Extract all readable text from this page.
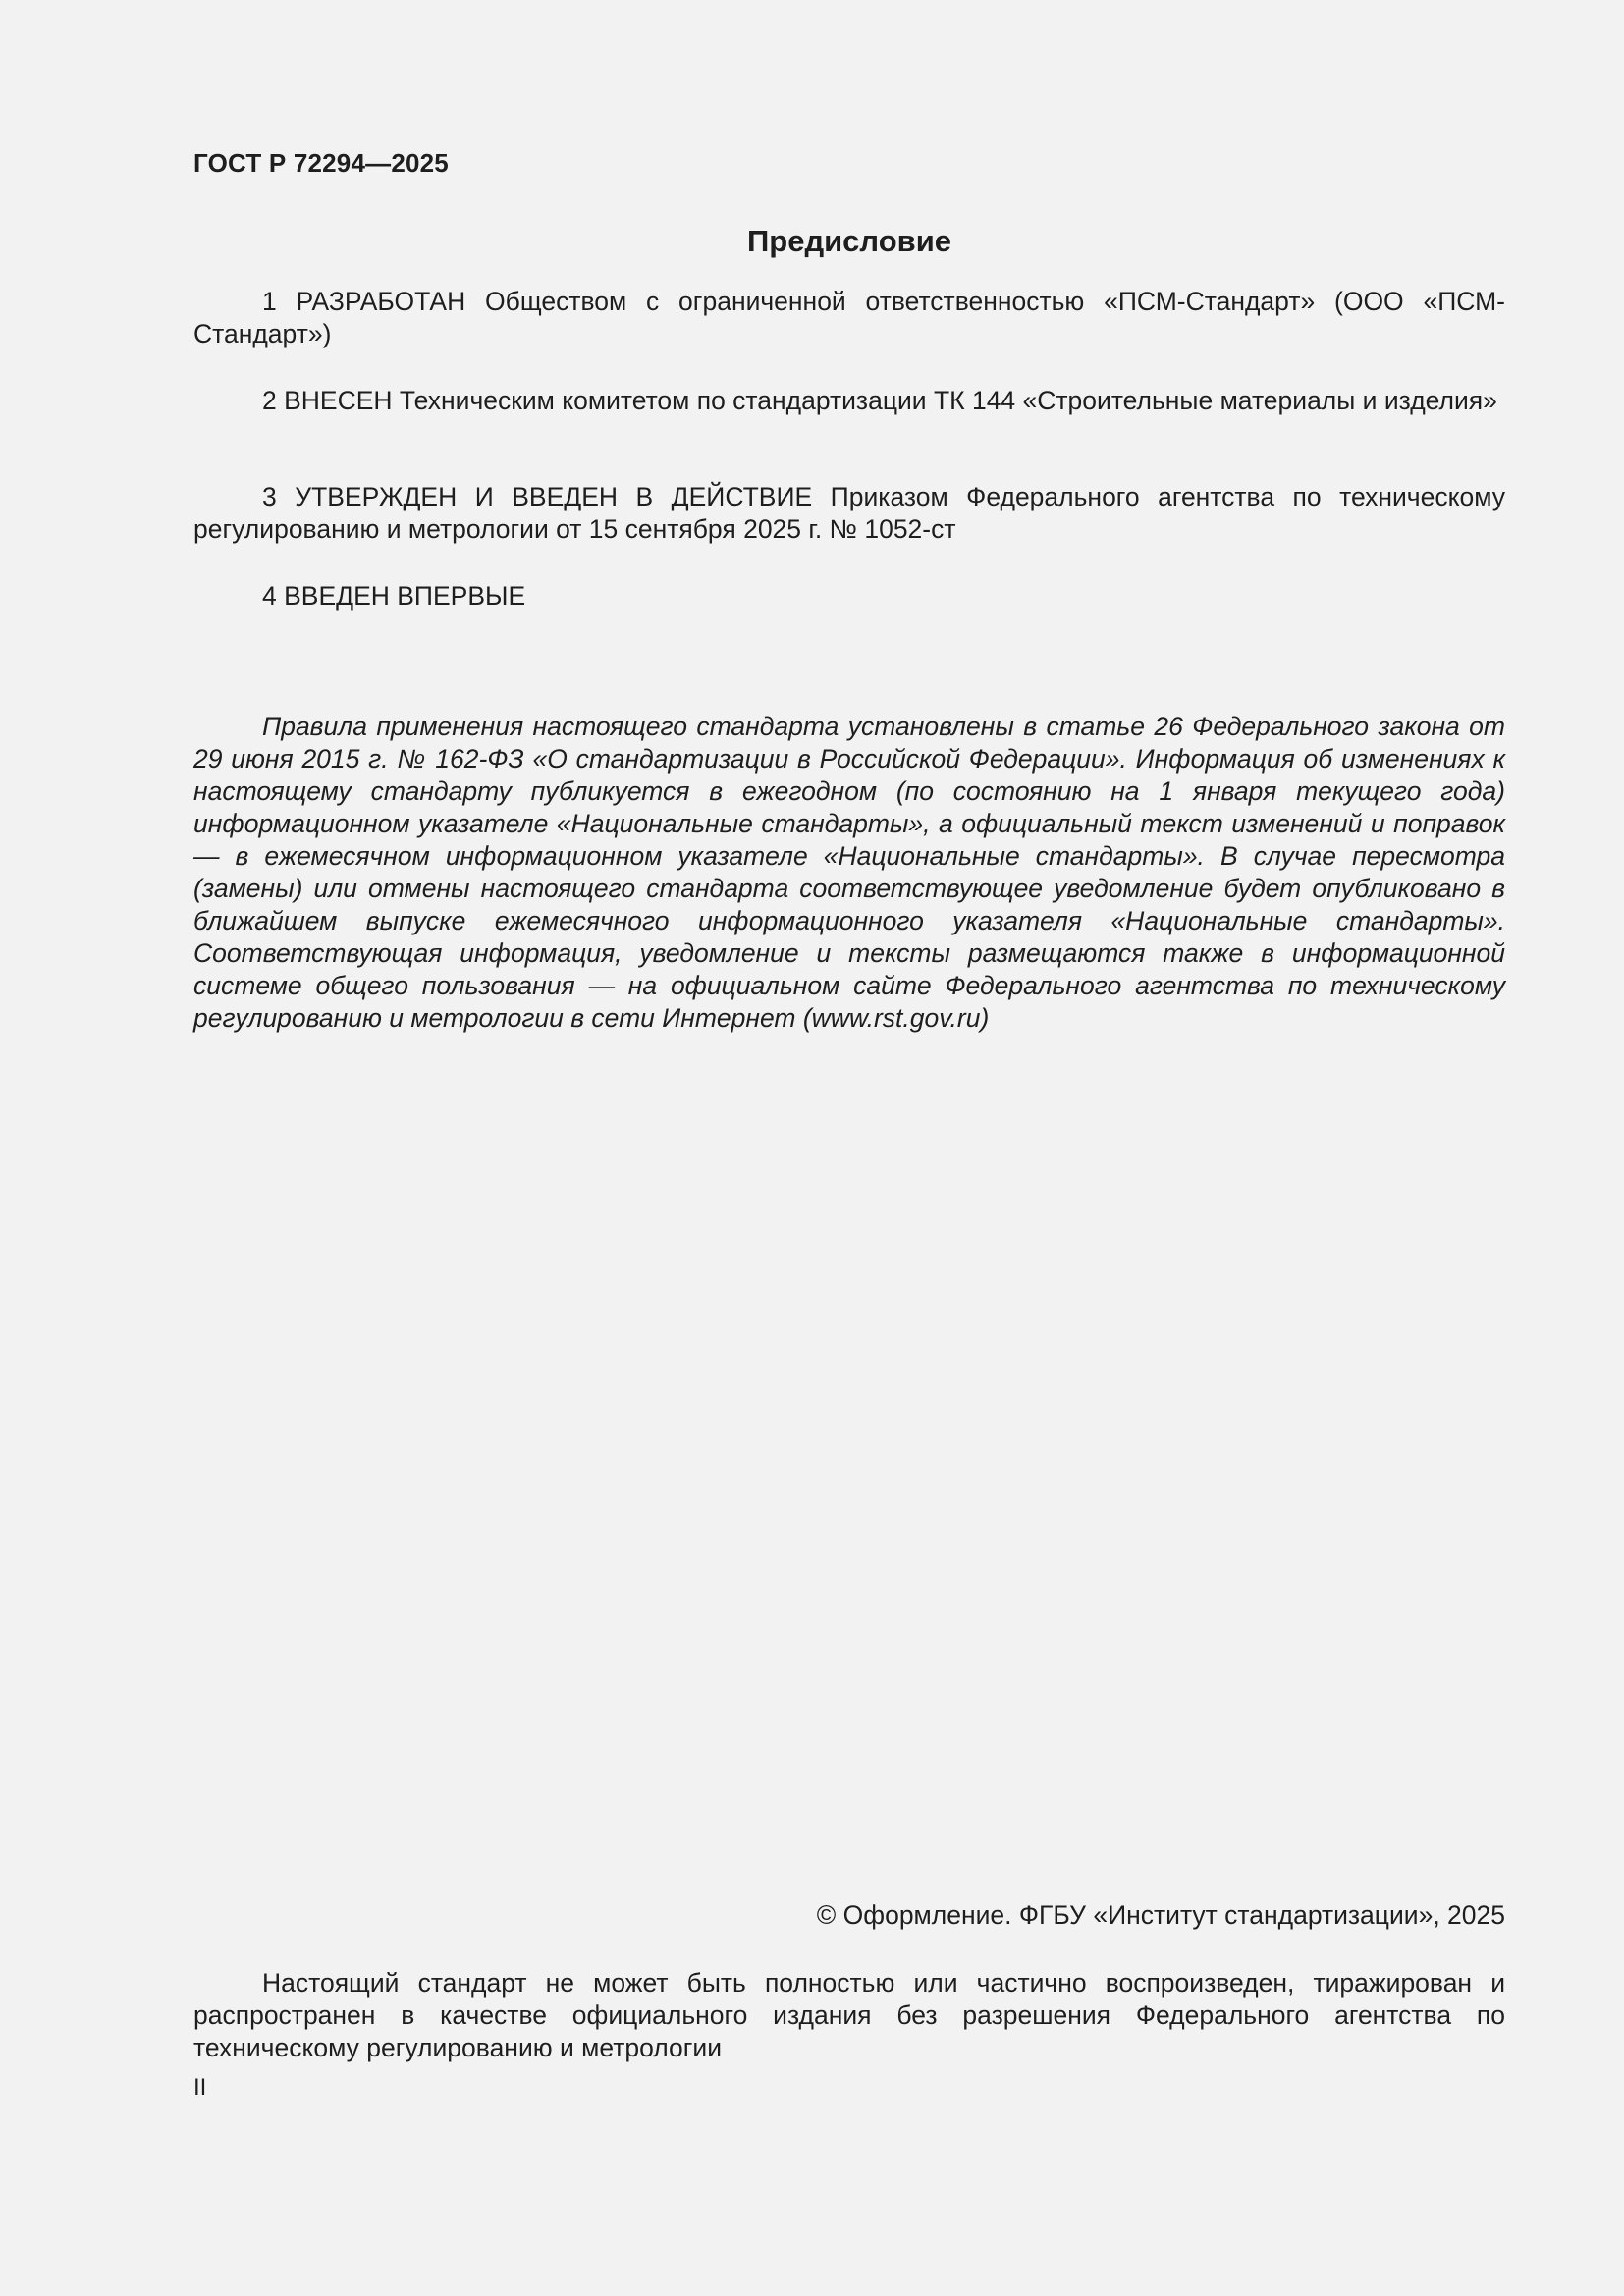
ГОСТ Р 72294—2025
Предисловие

1 РАЗРАБОТАН Обществом с ограниченной ответственностью «ПСМ-Стандарт» (ООО «ПСМ-Стандарт»)

2 ВНЕСЕН Техническим комитетом по стандартизации ТК 144 «Строительные материалы и изделия»

3 УТВЕРЖДЕН И ВВЕДЕН В ДЕЙСТВИЕ Приказом Федерального агентства по техническому регулированию и метрологии от 15 сентября 2025 г. № 1052-ст

4 ВВЕДЕН ВПЕРВЫЕ

Правила применения настоящего стандарта установлены в статье 26 Федерального закона от 29 июня 2015 г. № 162-ФЗ «О стандартизации в Российской Федерации». Информация об изменениях к настоящему стандарту публикуется в ежегодном (по состоянию на 1 января текущего года) информационном указателе «Национальные стандарты», а официальный текст изменений и поправок — в ежемесячном информационном указателе «Национальные стандарты». В случае пересмотра (замены) или отмены настоящего стандарта соответствующее уведомление будет опубликовано в ближайшем выпуске ежемесячного информационного указателя «Национальные стандарты». Соответствующая информация, уведомление и тексты размещаются также в информационной системе общего пользования — на официальном сайте Федерального агентства по техническому регулированию и метрологии в сети Интернет (www.rst.gov.ru)

© Оформление. ФГБУ «Институт стандартизации», 2025

Настоящий стандарт не может быть полностью или частично воспроизведен, тиражирован и распространен в качестве официального издания без разрешения Федерального агентства по техническому регулированию и метрологии

II
